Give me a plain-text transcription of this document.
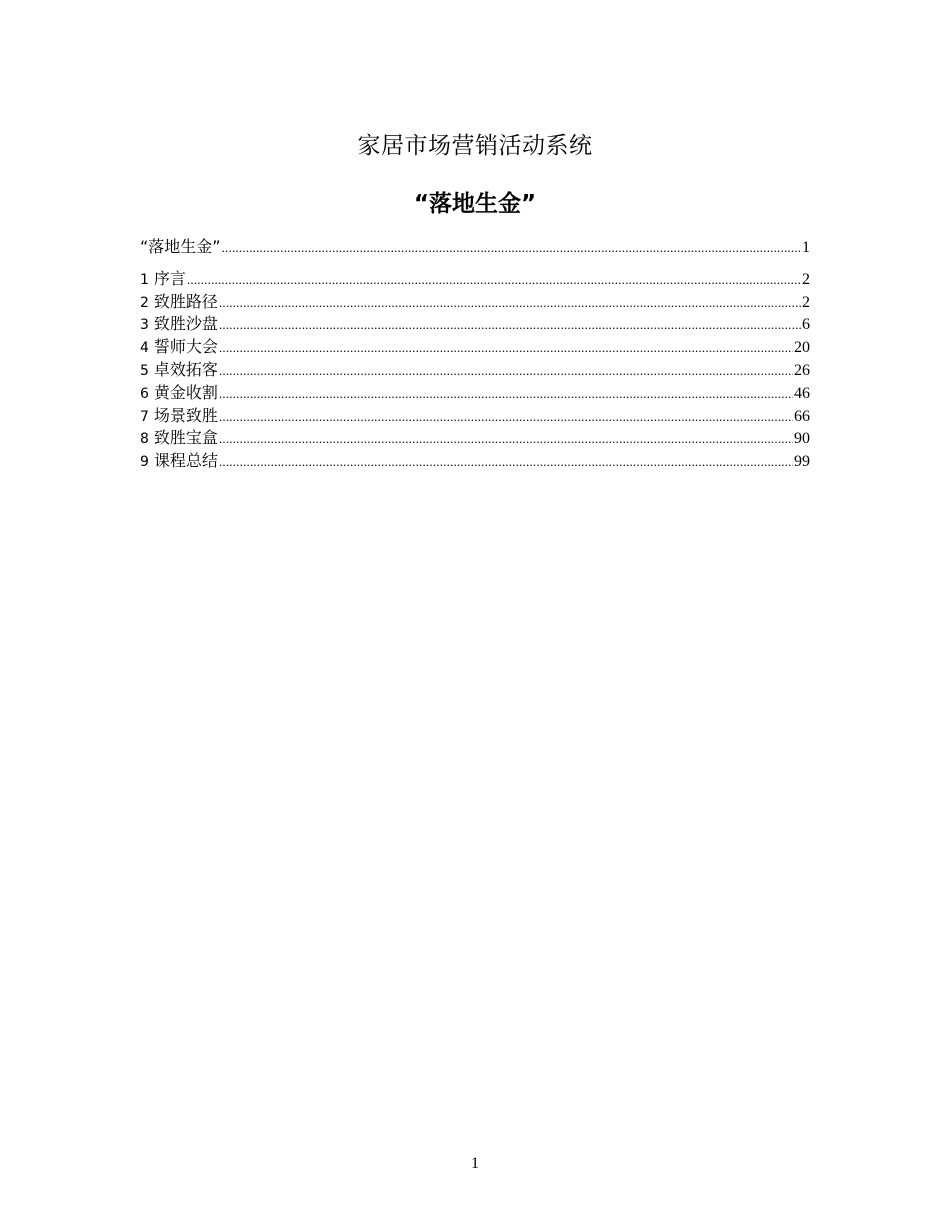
家居市场营销活动系统
“落地生金”
“落地生金” .....	1
1 序言 .....	2
2 致胜路径 .....	2
3 致胜沙盘 .....	6
4 誓师大会 .....	20
5 卓效拓客 .....	26
6 黄金收割 .....	46
7 场景致胜 .....	66
8 致胜宝盒 .....	90
9 课程总结 .....	99
1
